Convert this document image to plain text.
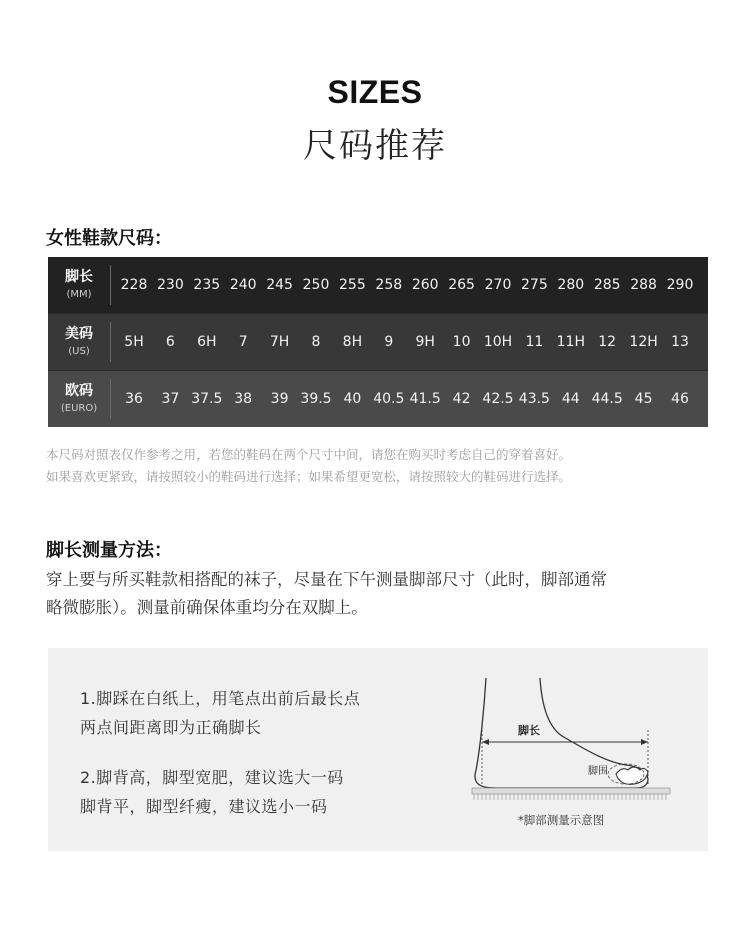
SIZES
尺码推荐
女性鞋款尺码：
脚长
(MM)
228 230 235 240 245 250 255 258 260 265 270 275 280 285 288 290
美码
(US)
5H	6	6H	7	7H	8	8H	9	9H	10 10H 11 11H 12 12H 13
欧码
(EURO)
36	37 37.5 38	39 39.5 40 40.5 41.5 42 42.5 43.5 44 44.5 45	46
本尺码对照表仅作参考之用，若您的鞋码在两个尺寸中间，请您在购买时考虑自己的穿着喜好。
如果喜欢更紧致，请按照较小的鞋码进行选择；如果希望更宽松，请按照较大的鞋码进行选择。
脚长测量方法：
穿上要与所买鞋款相搭配的袜子，尽量在下午测量脚部尺寸（此时，脚部通常
略微膨胀）。测量前确保体重均分在双脚上。
1.脚踩在白纸上，用笔点出前后最长点
两点间距离即为正确脚长
2.脚背高，脚型宽肥，建议选大一码
脚背平，脚型纤瘦，建议选小一码
脚长
脚围
*脚部测量示意图
